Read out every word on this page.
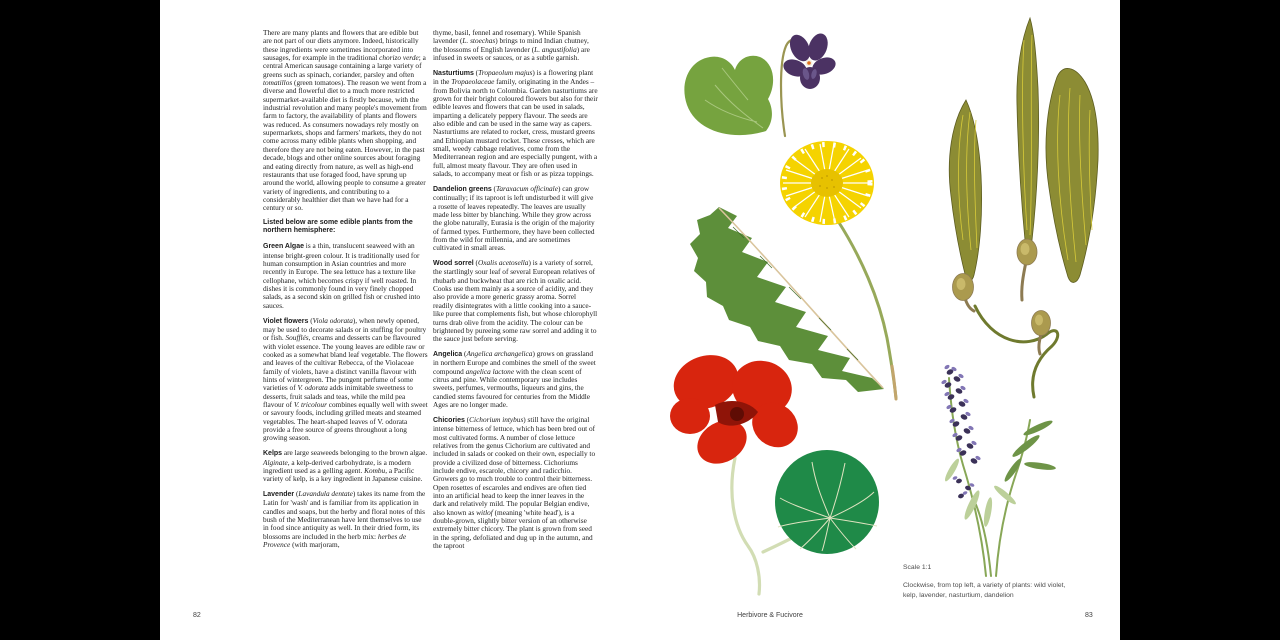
There are many plants and flowers that are edible but are not part of our diets anymore. Indeed, historically these ingredients were sometimes incorporated into sausages, for example in the traditional chorizo verde; a central American sausage containing a large variety of greens such as spinach, coriander, parsley and often tomatillos (green tomatoes). The reason we went from a diverse and flowerful diet to a much more restricted supermarket-available diet is firstly because, with the industrial revolution and many people's movement from farm to factory, the availability of plants and flowers was reduced. As consumers nowadays rely mostly on supermarkets, shops and farmers' markets, they do not come across many edible plants when shopping, and therefore they are not being eaten. However, in the past decade, blogs and other online sources about foraging and eating directly from nature, as well as high-end restaurants that use foraged food, have sprung up around the world, allowing people to consume a greater variety of ingredients, and contributing to a considerably healthier diet than we have had for a century or so.

Listed below are some edible plants from the northern hemisphere:

Green Algae is a thin, translucent seaweed with an intense bright-green colour. It is traditionally used for human consumption in Asian countries and more recently in Europe. The sea lettuce has a texture like cellophane, which becomes crispy if well roasted. In dishes it is commonly found in very finely chopped salads, as a second skin on grilled fish or crushed into sauces.

Violet flowers (Viola odorata), when newly opened, may be used to decorate salads or in stuffing for poultry or fish. Soufflés, creams and desserts can be flavoured with violet essence. The young leaves are edible raw or cooked as a somewhat bland leaf vegetable. The flowers and leaves of the cultivar Rebecca, of the Violaceae family of violets, have a distinct vanilla flavour with hints of wintergreen. The pungent perfume of some varieties of V. odorata adds inimitable sweetness to desserts, fruit salads and teas, while the mild pea flavour of V. tricolour combines equally well with sweet or savoury foods, including grilled meats and steamed vegetables. The heart-shaped leaves of V. odorata provide a free source of greens throughout a long growing season.

Kelps are large seaweeds belonging to the brown algae. Alginate, a kelp-derived carbohydrate, is a modern ingredient used as a gelling agent. Kombu, a Pacific variety of kelp, is a key ingredient in Japanese cuisine.

Lavender (Lavandula dentate) takes its name from the Latin for 'wash' and is familiar from its application in candles and soaps, but the herby and floral notes of this bush of the Mediterranean have lent themselves to use in food since antiquity as well. In their dried form, its blossoms are included in the herb mix: herbes de Provence (with marjoram,

thyme, basil, fennel and rosemary). While Spanish lavender (L. stoechas) brings to mind Indian chutney, the blossoms of English lavender (L. angustifolia) are infused in sweets or sauces, or as a subtle garnish.

Nasturtiums (Tropaeolum majus) is a flowering plant in the Tropaeolaceae family, originating in the Andes – from Bolivia north to Colombia. Garden nasturtiums are grown for their bright coloured flowers but also for their edible leaves and flowers that can be used in salads, imparting a delicately peppery flavour. The seeds are also edible and can be used in the same way as capers. Nasturtiums are related to rocket, cress, mustard greens and Ethiopian mustard rocket. These cresses, which are small, weedy cabbage relatives, come from the Mediterranean region and are especially pungent, with a full, almost meaty flavour. They are often used in salads, to accompany meat or fish or as pizza toppings.

Dandelion greens (Taraxacum officinale) can grow continually; if its taproot is left undisturbed it will give a rosette of leaves repeatedly. The leaves are usually made less bitter by blanching. While they grow across the globe naturally, Eurasia is the origin of the majority of farmed types. Furthermore, they have been collected from the wild for millennia, and are sometimes cultivated in small areas.

Wood sorrel (Oxalis acetosella) is a variety of sorrel, the startlingly sour leaf of several European relatives of rhubarb and buckwheat that are rich in oxalic acid. Cooks use them mainly as a source of acidity, and they also provide a more generic grassy aroma. Sorrel readily disintegrates with a little cooking into a sauce-like puree that complements fish, but whose chlorophyll turns drab olive from the acidity. The colour can be brightened by pureeing some raw sorrel and adding it to the sauce just before serving.

Angelica (Angelica archangelica) grows on grassland in northern Europe and combines the smell of the sweet compound angelica lactone with the clean scent of citrus and pine. While contemporary use includes sweets, perfumes, vermouths, liqueurs and gins, the candied stems favoured for centuries from the Middle Ages are no longer made.

Chicories (Cichorium intybus) still have the original intense bitterness of lettuce, which has been bred out of most cultivated forms. A number of close lettuce relatives from the genus Cichorium are cultivated and included in salads or cooked on their own, especially to provide a civilized dose of bitterness. Cichoriums include endive, escarole, chicory and radicchio. Growers go to much trouble to control their bitterness. Open rosettes of escaroles and endives are often tied into an artificial head to keep the inner leaves in the dark and relatively mild. The popular Belgian endive, also known as witlof (meaning 'white head'), is a double-grown, slightly bitter version of an otherwise extremely bitter chicory. The plant is grown from seed in the spring, defoliated and dug up in the autumn, and the taproot

Scale 1:1
Clockwise, from top left, a variety of plants: wild violet, kelp, lavender, nasturtium, dandelion
82	Herbivore & Fucivore	83
